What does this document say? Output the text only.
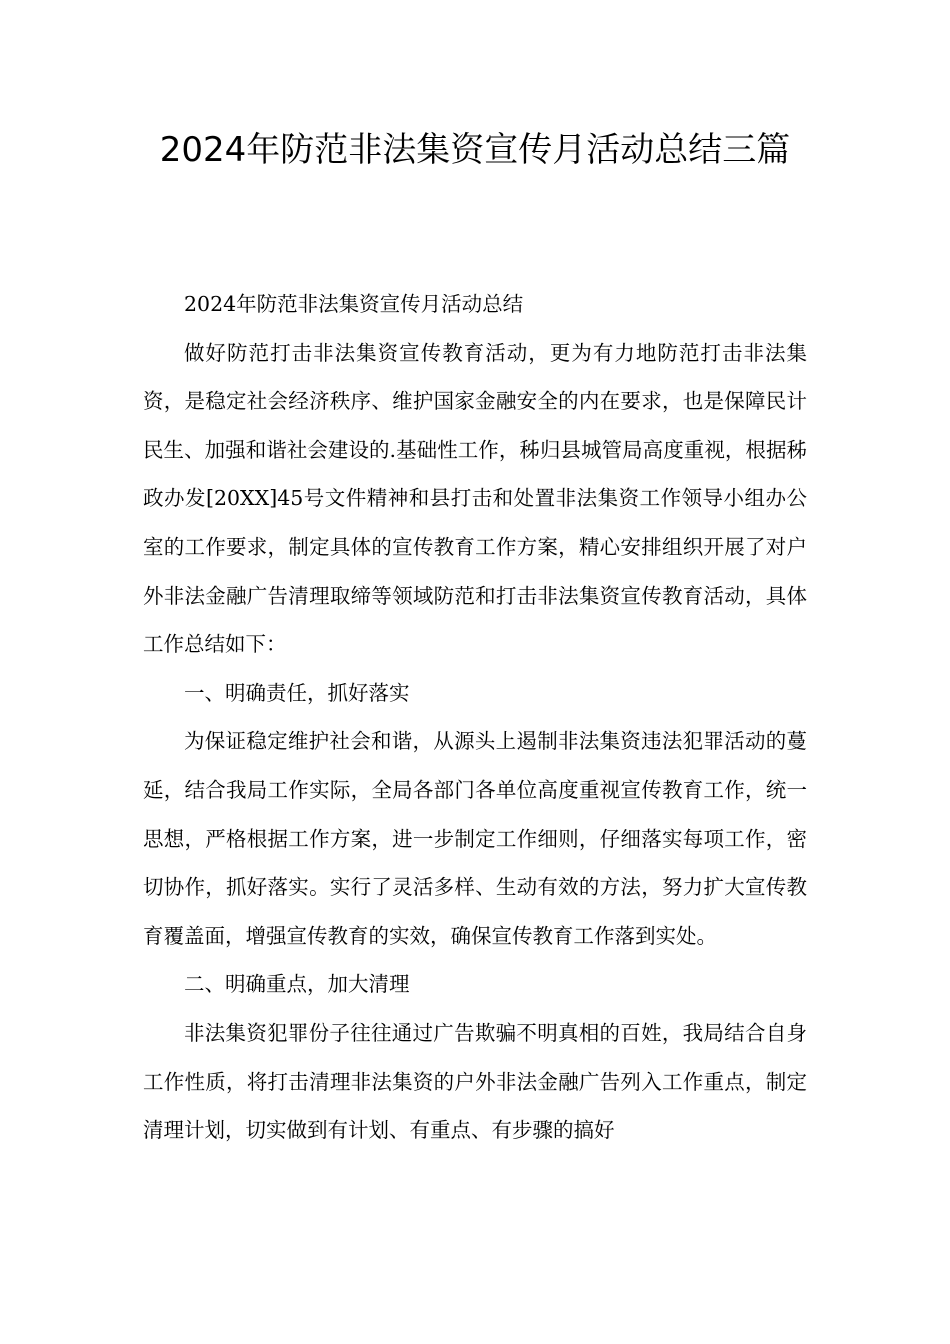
2024年防范非法集资宣传月活动总结三篇

2024年防范非法集资宣传月活动总结

做好防范打击非法集资宣传教育活动，更为有力地防范打击非法集资，是稳定社会经济秩序、维护国家金融安全的内在要求，也是保障民计民生、加强和谐社会建设的.基础性工作，秭归县城管局高度重视，根据秭政办发[20XX]45号文件精神和县打击和处置非法集资工作领导小组办公室的工作要求，制定具体的宣传教育工作方案，精心安排组织开展了对户外非法金融广告清理取缔等领域防范和打击非法集资宣传教育活动，具体工作总结如下：

一、明确责任，抓好落实

为保证稳定维护社会和谐，从源头上遏制非法集资违法犯罪活动的蔓延，结合我局工作实际，全局各部门各单位高度重视宣传教育工作，统一思想，严格根据工作方案，进一步制定工作细则，仔细落实每项工作，密切协作，抓好落实。实行了灵活多样、生动有效的方法，努力扩大宣传教育覆盖面，增强宣传教育的实效，确保宣传教育工作落到实处。

二、明确重点，加大清理

非法集资犯罪份子往往通过广告欺骗不明真相的百姓，我局结合自身工作性质，将打击清理非法集资的户外非法金融广告列入工作重点，制定清理计划，切实做到有计划、有重点、有步骤的搞好
